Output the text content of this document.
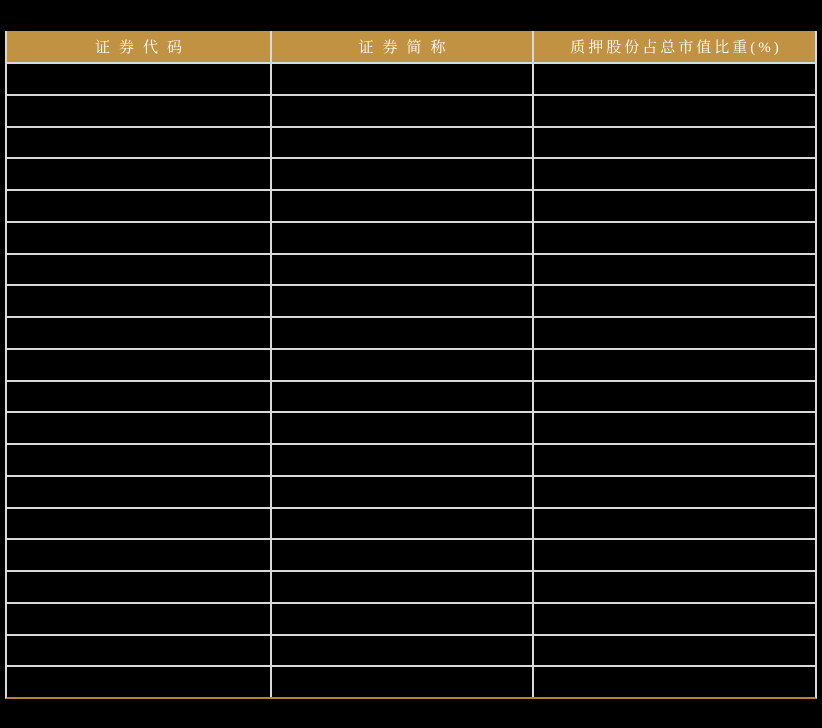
证券代码	证券简称	质押股份占总市值比重(%)
